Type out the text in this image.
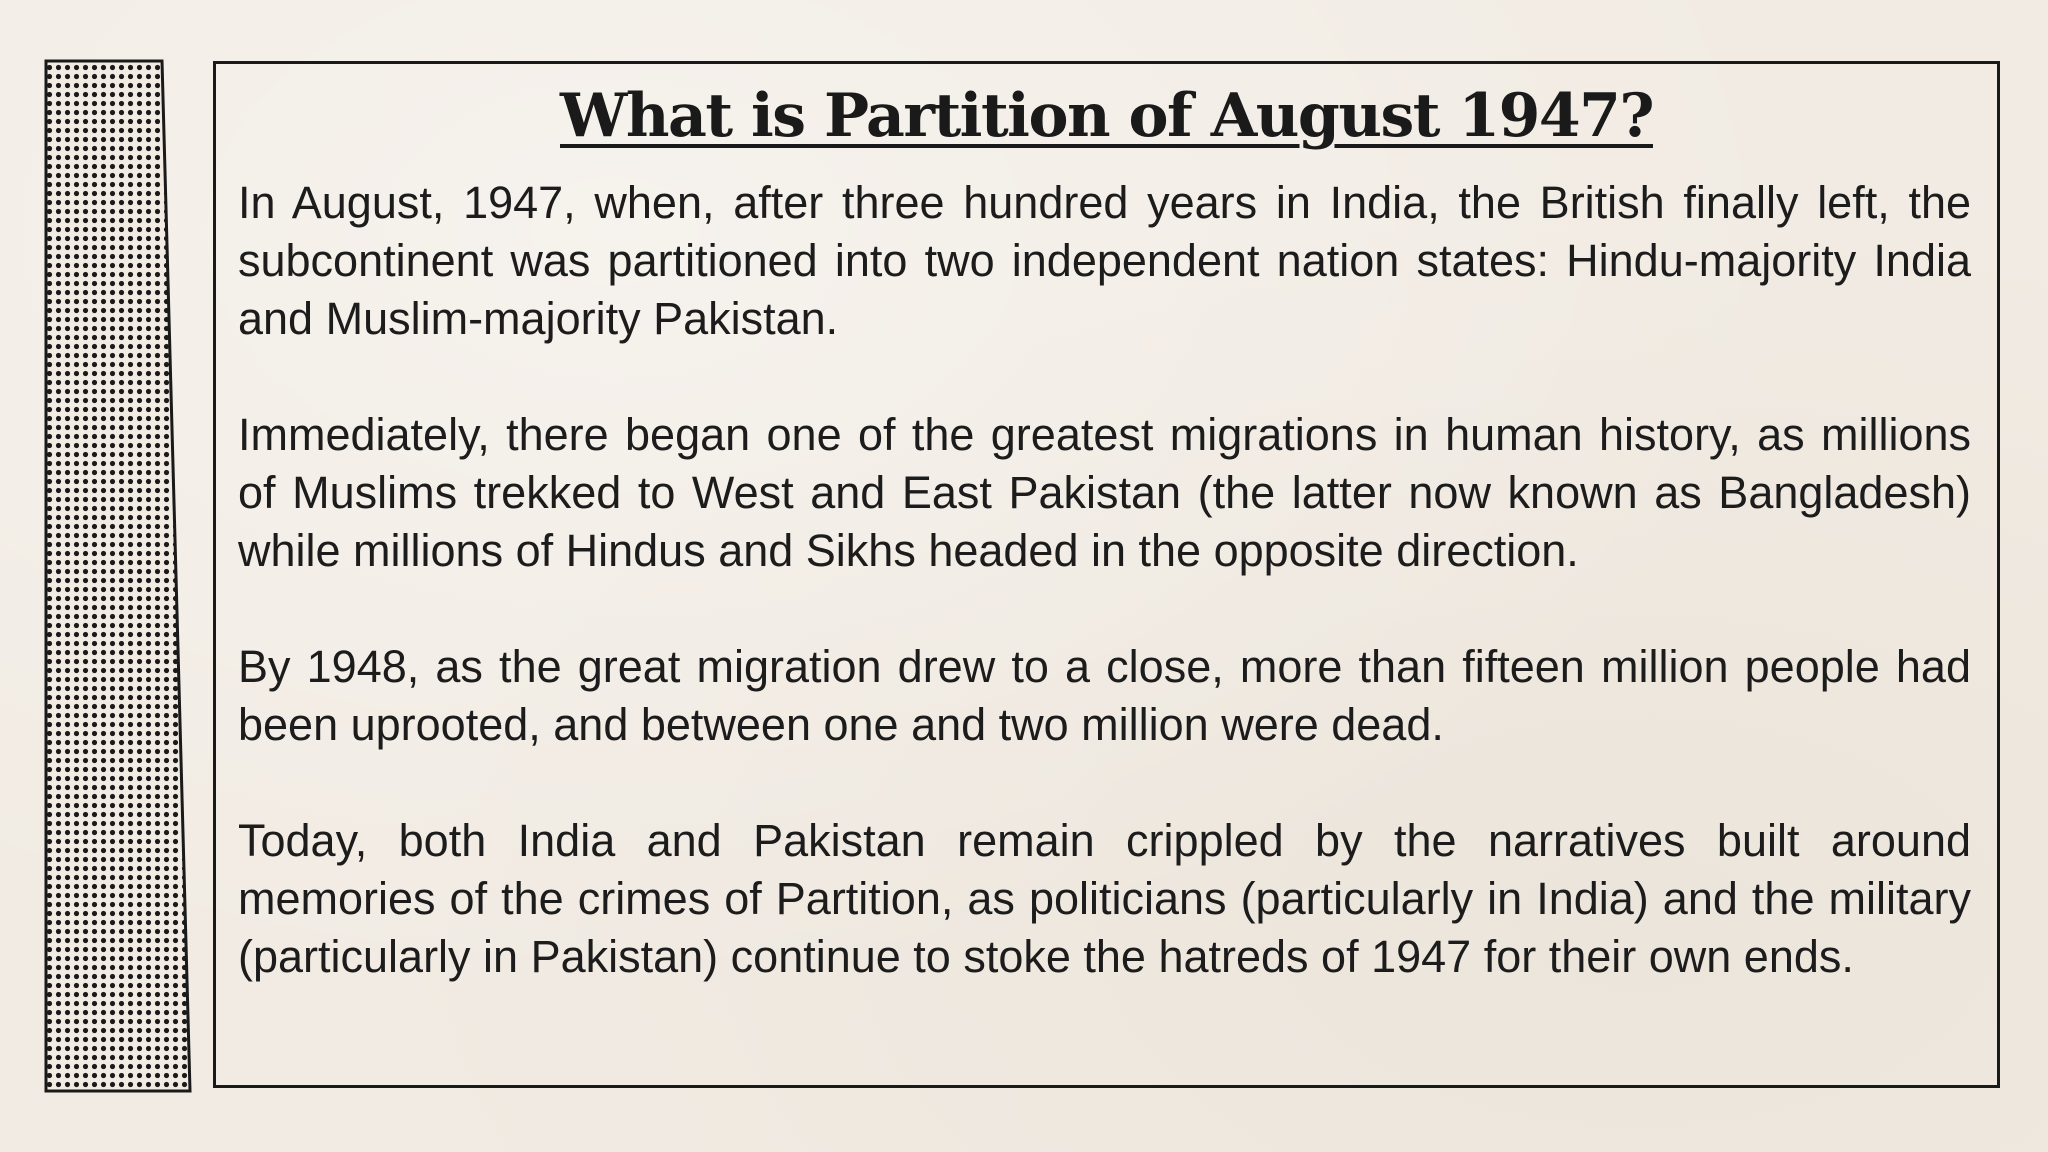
What is Partition of August 1947?

In August, 1947, when, after three hundred years in India, the British finally left, the subcontinent was partitioned into two independent nation states: Hindu-majority India and Muslim-majority Pakistan.

Immediately, there began one of the greatest migrations in human history, as millions of Muslims trekked to West and East Pakistan (the latter now known as Bangladesh) while millions of Hindus and Sikhs headed in the opposite direction.

By 1948, as the great migration drew to a close, more than fifteen million people had been uprooted, and between one and two million were dead.

Today, both India and Pakistan remain crippled by the narratives built around memories of the crimes of Partition, as politicians (particularly in India) and the military (particularly in Pakistan) continue to stoke the hatreds of 1947 for their own ends.
